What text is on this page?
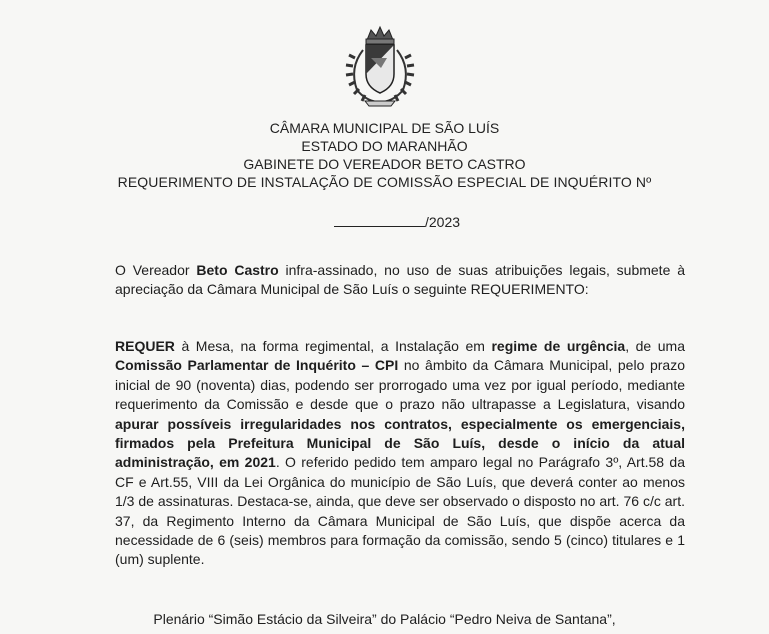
CÂMARA MUNICIPAL DE SÃO LUÍS
ESTADO DO MARANHÃO
GABINETE DO VEREADOR BETO CASTRO
REQUERIMENTO DE INSTALAÇÃO DE COMISSÃO ESPECIAL DE INQUÉRITO Nº
/2023
O Vereador Beto Castro infra-assinado, no uso de suas atribuições legais, submete à apreciação da Câmara Municipal de São Luís o seguinte REQUERIMENTO:
REQUER à Mesa, na forma regimental, a Instalação em regime de urgência, de uma Comissão Parlamentar de Inquérito – CPI no âmbito da Câmara Municipal, pelo prazo inicial de 90 (noventa) dias, podendo ser prorrogado uma vez por igual período, mediante requerimento da Comissão e desde que o prazo não ultrapasse a Legislatura, visando apurar possíveis irregularidades nos contratos, especialmente os emergenciais, firmados pela Prefeitura Municipal de São Luís, desde o início da atual administração, em 2021. O referido pedido tem amparo legal no Parágrafo 3º, Art.58 da CF e Art.55, VIII da Lei Orgânica do município de São Luís, que deverá conter ao menos 1/3 de assinaturas. Destaca-se, ainda, que deve ser observado o disposto no art. 76 c/c art. 37, da Regimento Interno da Câmara Municipal de São Luís, que dispõe acerca da necessidade de 6 (seis) membros para formação da comissão, sendo 5 (cinco) titulares e 1 (um) suplente.
Plenário “Simão Estácio da Silveira” do Palácio “Pedro Neiva de Santana”,
